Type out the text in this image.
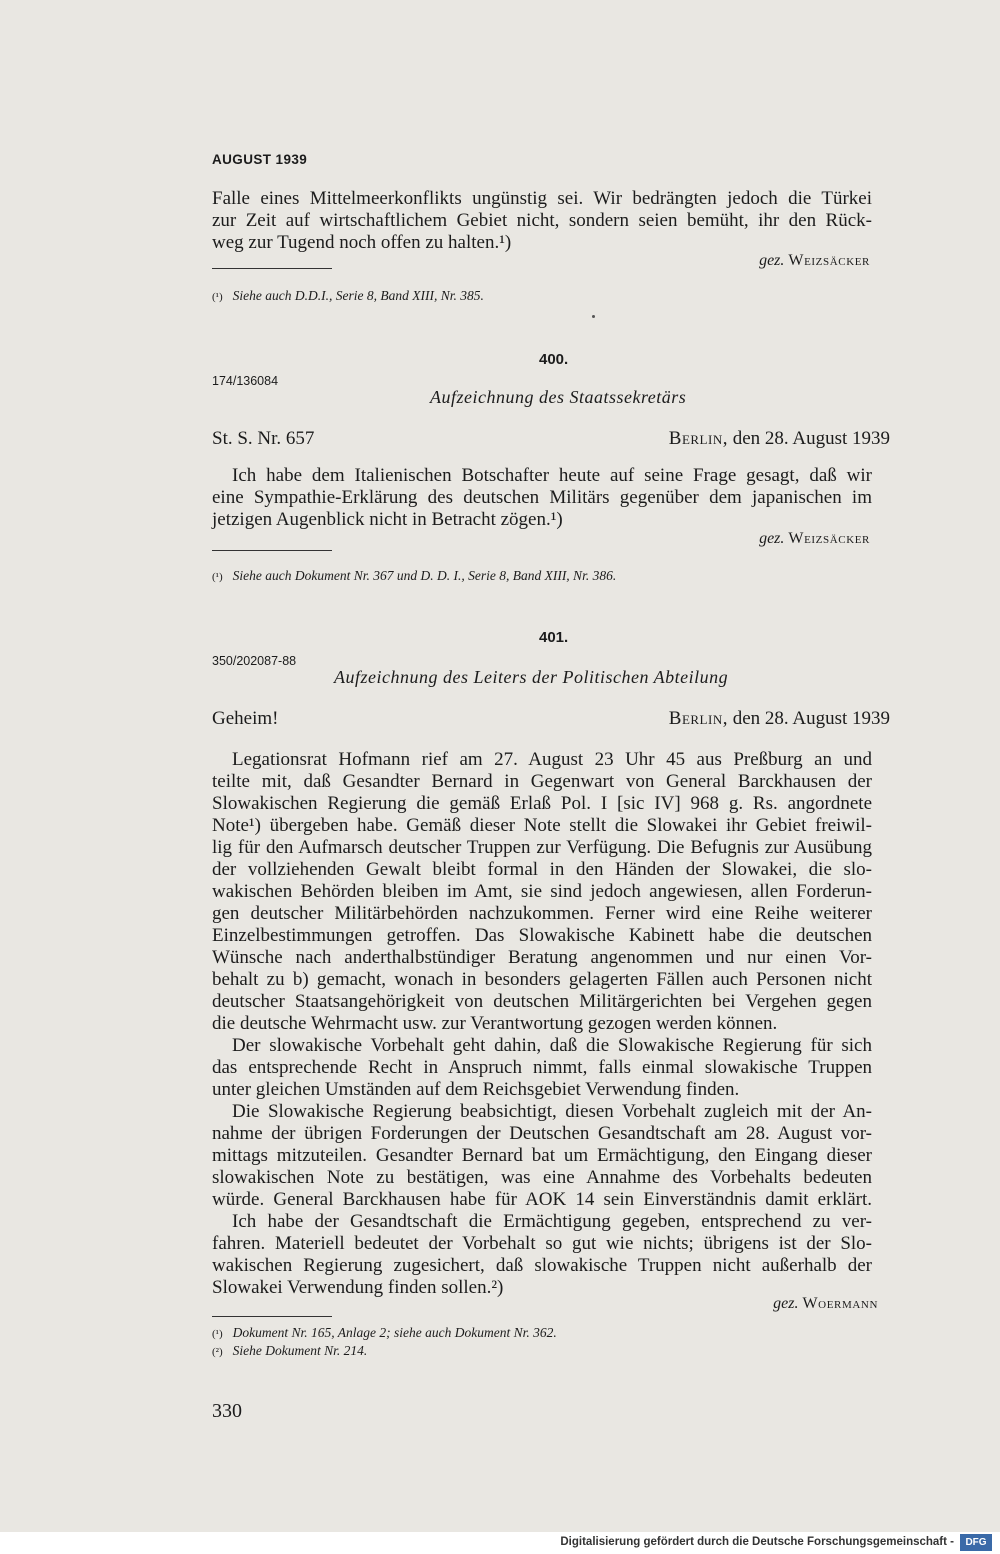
AUGUST 1939
Falle eines Mittelmeerkonflikts ungünstig sei. Wir bedrängten jedoch die Türkei
zur Zeit auf wirtschaftlichem Gebiet nicht, sondern seien bemüht, ihr den Rück-
weg zur Tugend noch offen zu halten.¹)
gez. Weizsäcker
(¹) Siehe auch D.D.I., Serie 8, Band XIII, Nr. 385.
400.
174/136084
Aufzeichnung des Staatssekretärs
St. S. Nr. 657	Berlin, den 28. August 1939
Ich habe dem Italienischen Botschafter heute auf seine Frage gesagt, daß wir
eine Sympathie-Erklärung des deutschen Militärs gegenüber dem japanischen im
jetzigen Augenblick nicht in Betracht zögen.¹)
gez. Weizsäcker
(¹) Siehe auch Dokument Nr. 367 und D. D. I., Serie 8, Band XIII, Nr. 386.
401.
350/202087-88
Aufzeichnung des Leiters der Politischen Abteilung
Geheim!	Berlin, den 28. August 1939
Legationsrat Hofmann rief am 27. August 23 Uhr 45 aus Preßburg an und
teilte mit, daß Gesandter Bernard in Gegenwart von General Barckhausen der
Slowakischen Regierung die gemäß Erlaß Pol. I [sic IV] 968 g. Rs. angordnete
Note¹) übergeben habe. Gemäß dieser Note stellt die Slowakei ihr Gebiet freiwil-
lig für den Aufmarsch deutscher Truppen zur Verfügung. Die Befugnis zur Ausübung
der vollziehenden Gewalt bleibt formal in den Händen der Slowakei, die slo-
wakischen Behörden bleiben im Amt, sie sind jedoch angewiesen, allen Forderun-
gen deutscher Militärbehörden nachzukommen. Ferner wird eine Reihe weiterer
Einzelbestimmungen getroffen. Das Slowakische Kabinett habe die deutschen
Wünsche nach anderthalbstündiger Beratung angenommen und nur einen Vor-
behalt zu b) gemacht, wonach in besonders gelagerten Fällen auch Personen nicht
deutscher Staatsangehörigkeit von deutschen Militärgerichten bei Vergehen gegen
die deutsche Wehrmacht usw. zur Verantwortung gezogen werden können.
Der slowakische Vorbehalt geht dahin, daß die Slowakische Regierung für sich
das entsprechende Recht in Anspruch nimmt, falls einmal slowakische Truppen
unter gleichen Umständen auf dem Reichsgebiet Verwendung finden.
Die Slowakische Regierung beabsichtigt, diesen Vorbehalt zugleich mit der An-
nahme der übrigen Forderungen der Deutschen Gesandtschaft am 28. August vor-
mittags mitzuteilen. Gesandter Bernard bat um Ermächtigung, den Eingang dieser
slowakischen Note zu bestätigen, was eine Annahme des Vorbehalts bedeuten
würde. General Barckhausen habe für AOK 14 sein Einverständnis damit erklärt.
Ich habe der Gesandtschaft die Ermächtigung gegeben, entsprechend zu ver-
fahren. Materiell bedeutet der Vorbehalt so gut wie nichts; übrigens ist der Slo-
wakischen Regierung zugesichert, daß slowakische Truppen nicht außerhalb der
Slowakei Verwendung finden sollen.²)
gez. Woermann
(¹) Dokument Nr. 165, Anlage 2; siehe auch Dokument Nr. 362.
(²) Siehe Dokument Nr. 214.
330
Digitalisierung gefördert durch die Deutsche Forschungsgemeinschaft -	DFG
